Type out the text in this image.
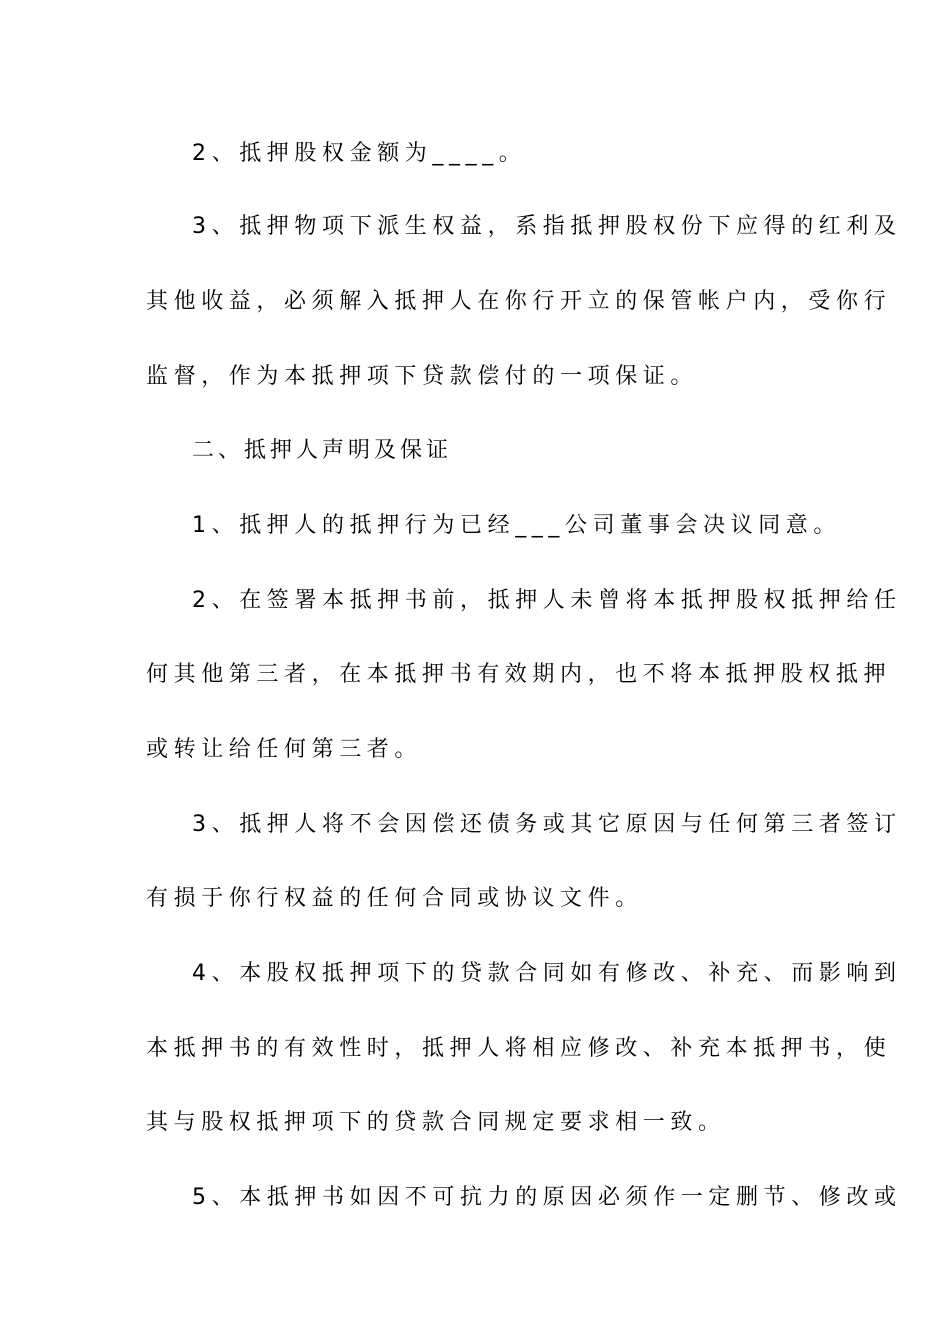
2、抵押股权金额为____。
3、抵押物项下派生权益，系指抵押股权份下应得的红利及
其他收益，必须解入抵押人在你行开立的保管帐户内，受你行
监督，作为本抵押项下贷款偿付的一项保证。
二、抵押人声明及保证
1、抵押人的抵押行为已经___公司董事会决议同意。
2、在签署本抵押书前，抵押人未曾将本抵押股权抵押给任
何其他第三者，在本抵押书有效期内，也不将本抵押股权抵押
或转让给任何第三者。
3、抵押人将不会因偿还债务或其它原因与任何第三者签订
有损于你行权益的任何合同或协议文件。
4、本股权抵押项下的贷款合同如有修改、补充、而影响到
本抵押书的有效性时，抵押人将相应修改、补充本抵押书，使
其与股权抵押项下的贷款合同规定要求相一致。
5、本抵押书如因不可抗力的原因必须作一定删节、修改或
